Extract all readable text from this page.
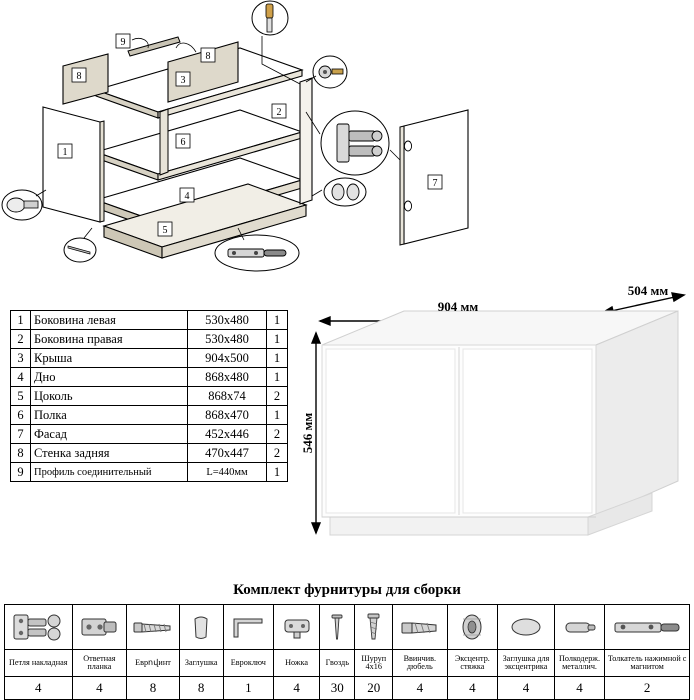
1
2
3
4
5
6
7
8
8
9
1	Боковина левая	530x480	1
2	Боковина правая	530x480	1
3	Крыша	904x500	1
4	Дно	868x480	1
5	Цоколь	868x74	2
6	Полка	868x470	1
7	Фасад	452x446	2
8	Стенка задняя	470x447	2
9	Профиль соединительный	L=440мм	1
904 мм
504 мм
546 мм
Комплект фурнитуры для сборки

Петля накладная	Ответная планка	Еврովинт	Заглушка	Евроключ	Ножка	Гвоздь	Шуруп 4x16	Ввинчив. дюбель	Эксцентр. стяжка	Заглушка для эксцентрика	Полкодерж. металлич.	Толкатель нажимной с магнитом
4	4	8	8	1	4	30	20	4	4	4	4	2
